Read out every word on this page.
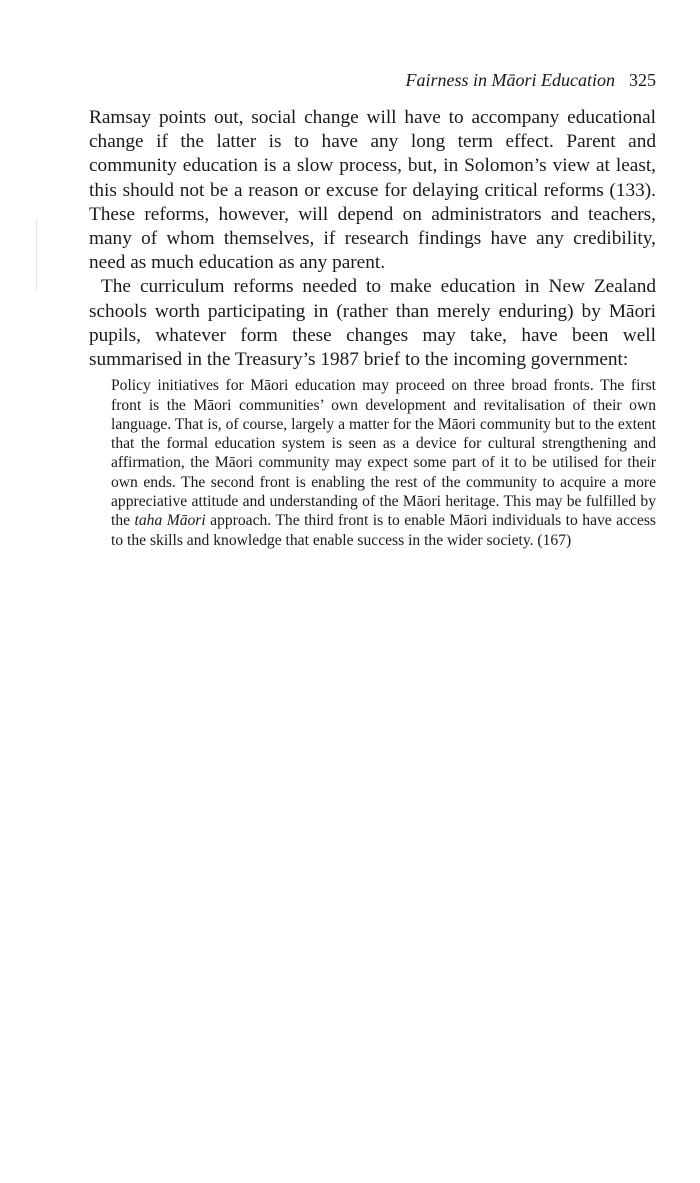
Fairness in Māori Education 325

Ramsay points out, social change will have to accompany educational change if the latter is to have any long term effect. Parent and community education is a slow process, but, in Solomon’s view at least, this should not be a reason or excuse for delaying critical reforms (133). These reforms, however, will depend on administrators and teachers, many of whom themselves, if research findings have any credibility, need as much education as any parent.

The curriculum reforms needed to make education in New Zealand schools worth participating in (rather than merely enduring) by Māori pupils, whatever form these changes may take, have been well summarised in the Treasury’s 1987 brief to the incoming government:

Policy initiatives for Māori education may proceed on three broad fronts. The first front is the Māori communities’ own development and revitalisation of their own language. That is, of course, largely a matter for the Māori community but to the extent that the formal education system is seen as a device for cultural strengthening and affirmation, the Māori community may expect some part of it to be utilised for their own ends. The second front is enabling the rest of the community to acquire a more appreciative attitude and understanding of the Māori heritage. This may be fulfilled by the taha Māori approach. The third front is to enable Māori individuals to have access to the skills and knowledge that enable success in the wider society. (167)
